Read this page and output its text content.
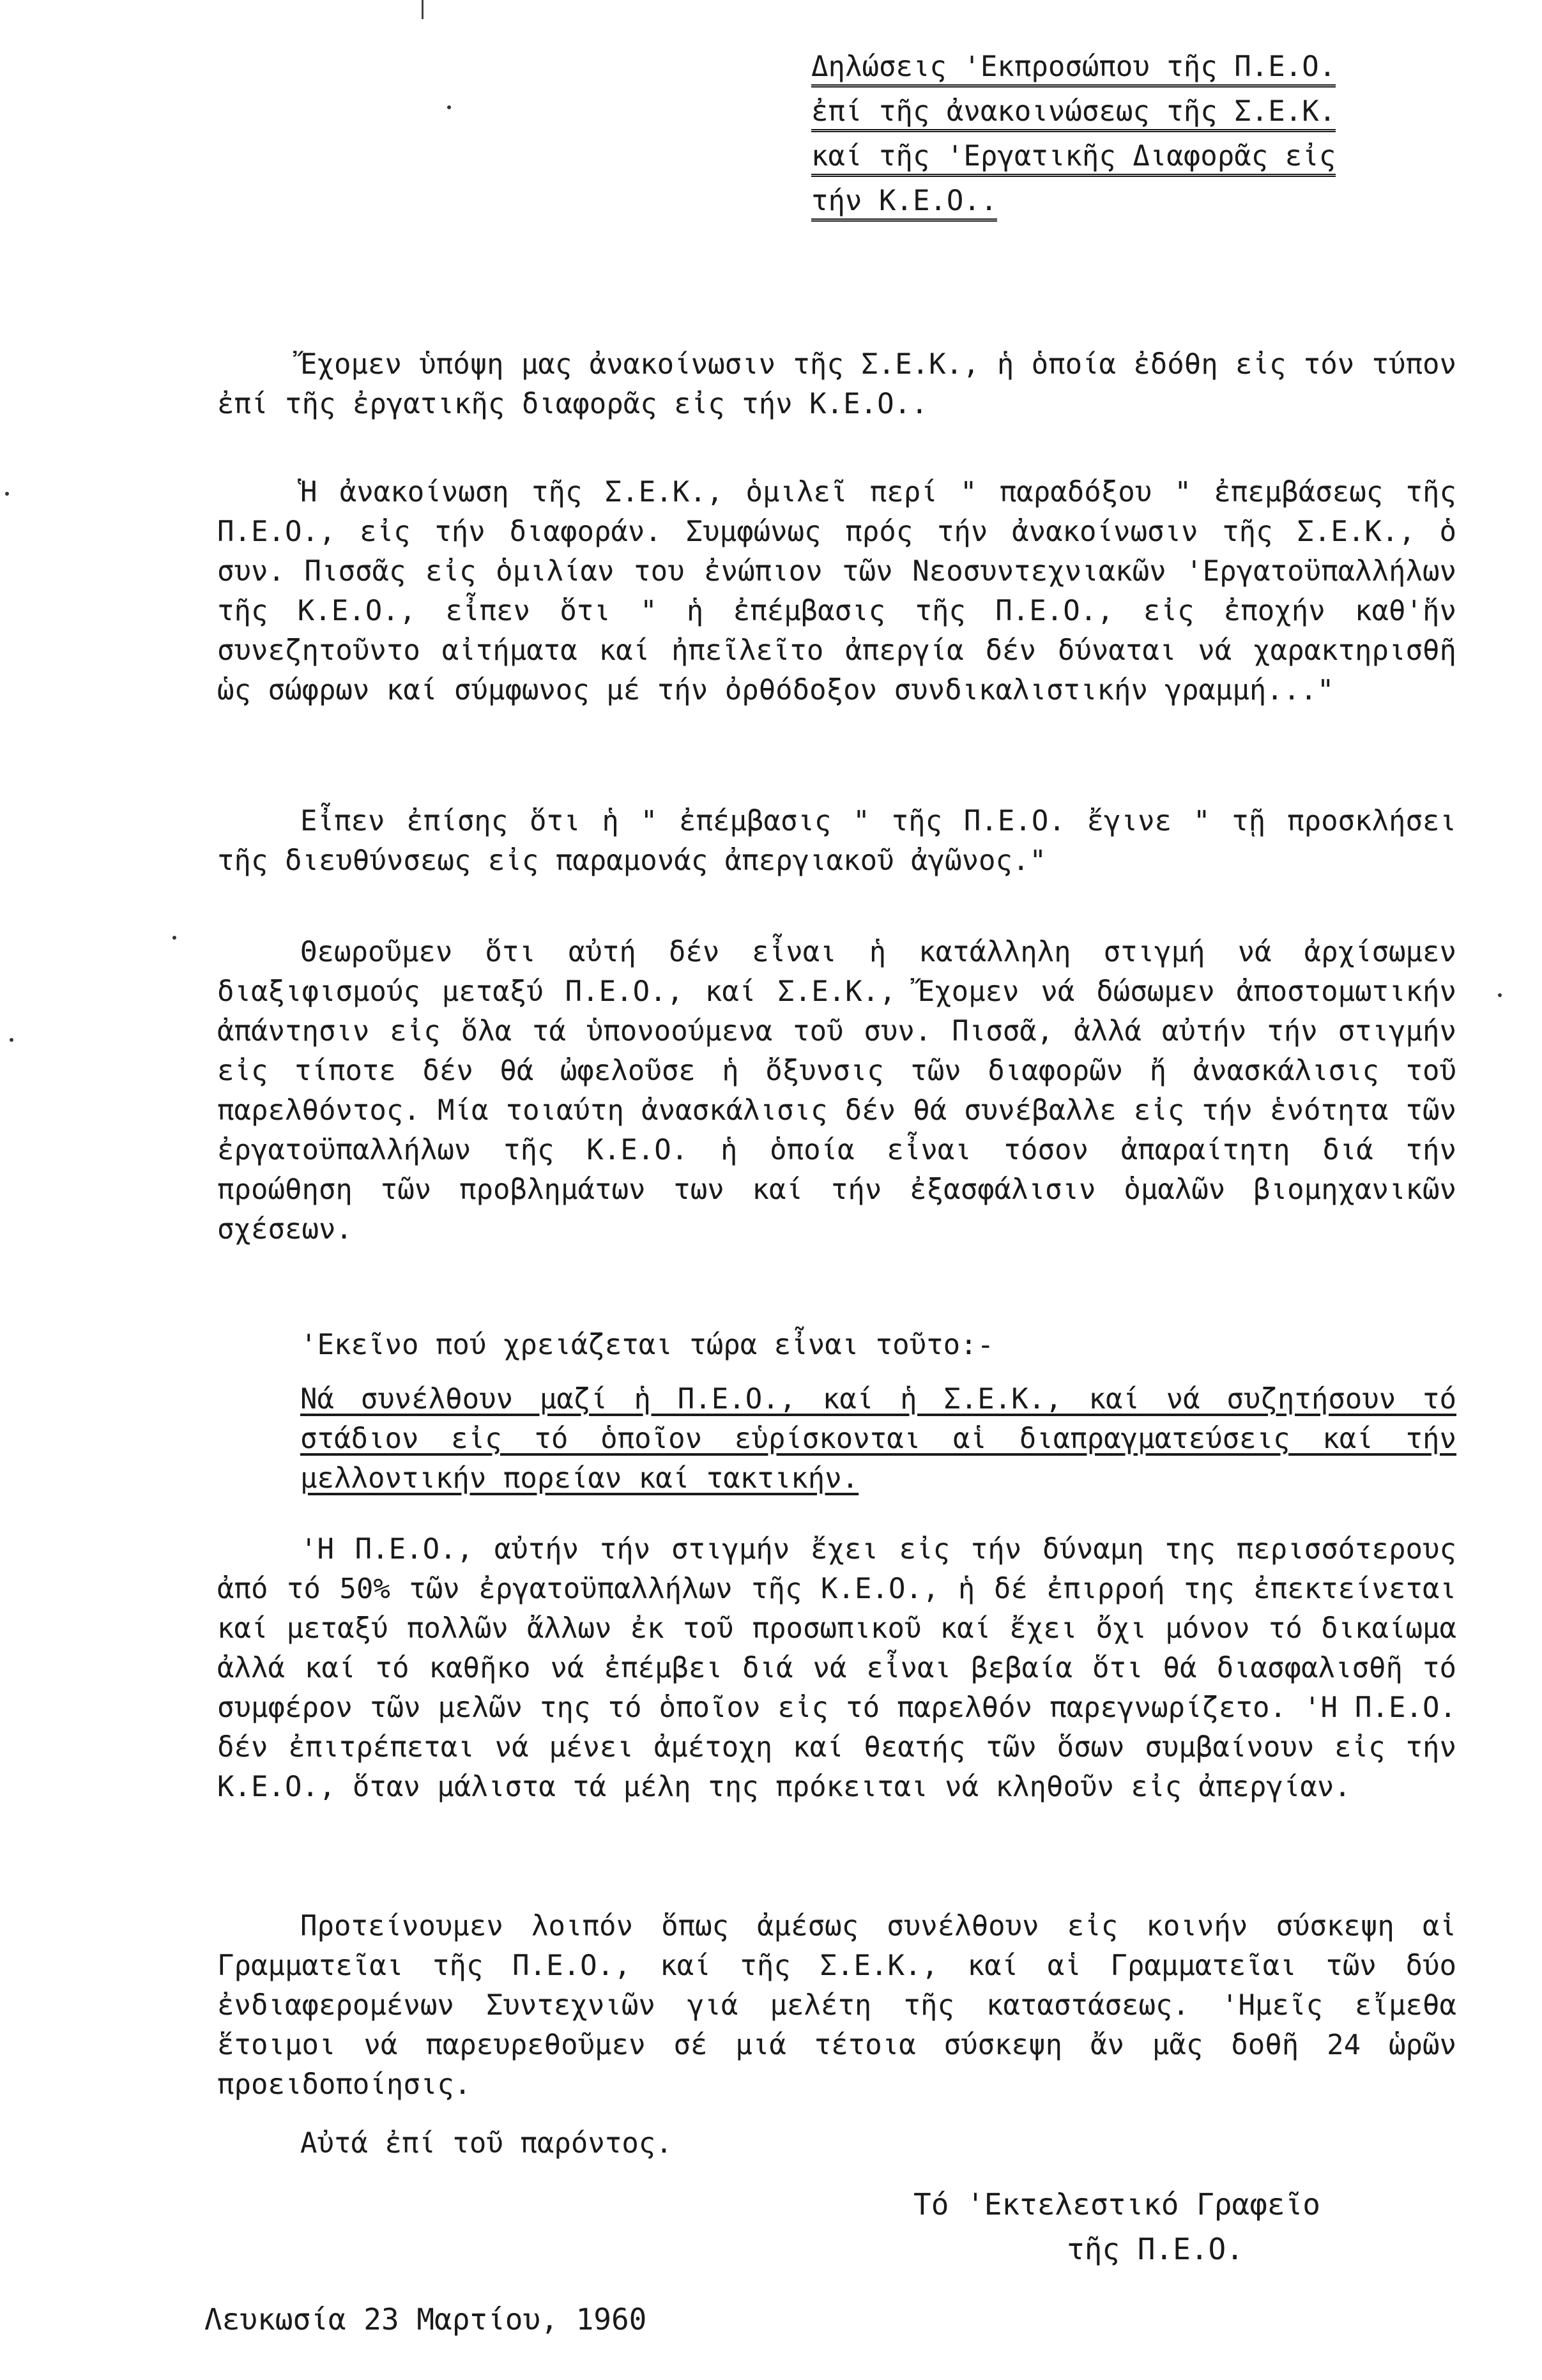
Δηλώσεις 'Εκπροσώπου τῆς Π.Ε.Ο.
ἐπί τῆς ἀνακοινώσεως τῆς Σ.Ε.Κ.
καί τῆς 'Εργατικῆς Διαφορᾶς εἰς
τήν Κ.Ε.Ο..

Ἔχομεν ὑπόψη μας ἀνακοίνωσιν τῆς Σ.Ε.Κ., ἡ ὁποία ἐδόθη εἰς τόν τύπον ἐπί τῆς ἐργατικῆς διαφορᾶς εἰς τήν Κ.Ε.Ο..

Ἡ ἀνακοίνωση τῆς Σ.Ε.Κ., ὁμιλεῖ περί " παραδόξου " ἐπεμβάσεως τῆς Π.Ε.Ο., εἰς τήν διαφοράν. Συμφώνως πρός τήν ἀνακοίνωσιν τῆς Σ.Ε.Κ., ὁ συν. Πισσᾶς εἰς ὁμιλίαν του ἐνώπιον τῶν Νεοσυντεχνιακῶν 'Εργατοϋπαλλήλων τῆς Κ.Ε.Ο., εἶπεν ὅτι " ἡ ἐπέμβασις τῆς Π.Ε.Ο., εἰς ἐποχήν καθ'ἥν συνεζητοῦντο αἰτήματα καί ἠπεῖλεῖτο ἀπεργία δέν δύναται νά χαρακτηρισθῆ ὡς σώφρων καί σύμφωνος μέ τήν ὀρθόδοξον συνδικαλιστικήν γραμμή..."

Εἶπεν ἐπίσης ὅτι ἡ " ἐπέμβασις " τῆς Π.Ε.Ο. ἔγινε " τῇ προσκλήσει τῆς διευθύνσεως εἰς παραμονάς ἀπεργιακοῦ ἀγῶνος."

Θεωροῦμεν ὅτι αὐτή δέν εἶναι ἡ κατάλληλη στιγμή νά ἀρχίσωμεν διαξιφισμούς μεταξύ Π.Ε.Ο., καί Σ.Ε.Κ., Ἔχομεν νά δώσωμεν ἀποστομωτικήν ἀπάντησιν εἰς ὅλα τά ὑπονοούμενα τοῦ συν. Πισσᾶ, ἀλλά αὐτήν τήν στιγμήν εἰς τίποτε δέν θά ὠφελοῦσε ἡ ὄξυνσις τῶν διαφορῶν ἤ ἀνασκάλισις τοῦ παρελθόντος. Μία τοιαύτη ἀνασκάλισις δέν θά συνέβαλλε εἰς τήν ἑνότητα τῶν ἐργατοϋπαλλήλων τῆς Κ.Ε.Ο. ἡ ὁποία εἶναι τόσον ἀπαραίτητη διά τήν προώθηση τῶν προβλημάτων των καί τήν ἐξασφάλισιν ὁμαλῶν βιομηχανικῶν σχέσεων.

'Εκεῖνο πού χρειάζεται τώρα εἶναι τοῦτο:-

Νά συνέλθουν μαζί ἡ Π.Ε.Ο., καί ἡ Σ.Ε.Κ., καί νά συζητήσουν τό στάδιον εἰς τό ὁποῖον εὑρίσκονται αἱ διαπραγματεύσεις καί τήν μελλοντικήν πορείαν καί τακτικήν.

'Η Π.Ε.Ο., αὐτήν τήν στιγμήν ἔχει εἰς τήν δύναμη της περισσότερους ἀπό τό 50% τῶν ἐργατοϋπαλλήλων τῆς Κ.Ε.Ο., ἡ δέ ἐπιρροή της ἐπεκτείνεται καί μεταξύ πολλῶν ἄλλων ἐκ τοῦ προσωπικοῦ καί ἔχει ὄχι μόνον τό δικαίωμα ἀλλά καί τό καθῆκο νά ἐπέμβει διά νά εἶναι βεβαία ὅτι θά διασφαλισθῆ τό συμφέρον τῶν μελῶν της τό ὁποῖον εἰς τό παρελθόν παρεγνωρίζετο. 'Η Π.Ε.Ο. δέν ἐπιτρέπεται νά μένει ἀμέτοχη καί θεατής τῶν ὅσων συμβαίνουν εἰς τήν Κ.Ε.Ο., ὅταν μάλιστα τά μέλη της πρόκειται νά κληθοῦν εἰς ἀπεργίαν.

Προτείνουμεν λοιπόν ὅπως ἀμέσως συνέλθουν εἰς κοινήν σύσκεψη αἱ Γραμματεῖαι τῆς Π.Ε.Ο., καί τῆς Σ.Ε.Κ., καί αἱ Γραμματεῖαι τῶν δύο ἐνδιαφερομένων Συντεχνιῶν γιά μελέτη τῆς καταστάσεως. 'Ημεῖς εἴμεθα ἕτοιμοι νά παρευρεθοῦμεν σέ μιά τέτοια σύσκεψη ἄν μᾶς δοθῆ 24 ὡρῶν προειδοποίησις.

Αὐτά ἐπί τοῦ παρόντος.

Τό 'Εκτελεστικό Γραφεῖο
τῆς Π.Ε.Ο.
Λευκωσία 23 Μαρτίου, 1960
